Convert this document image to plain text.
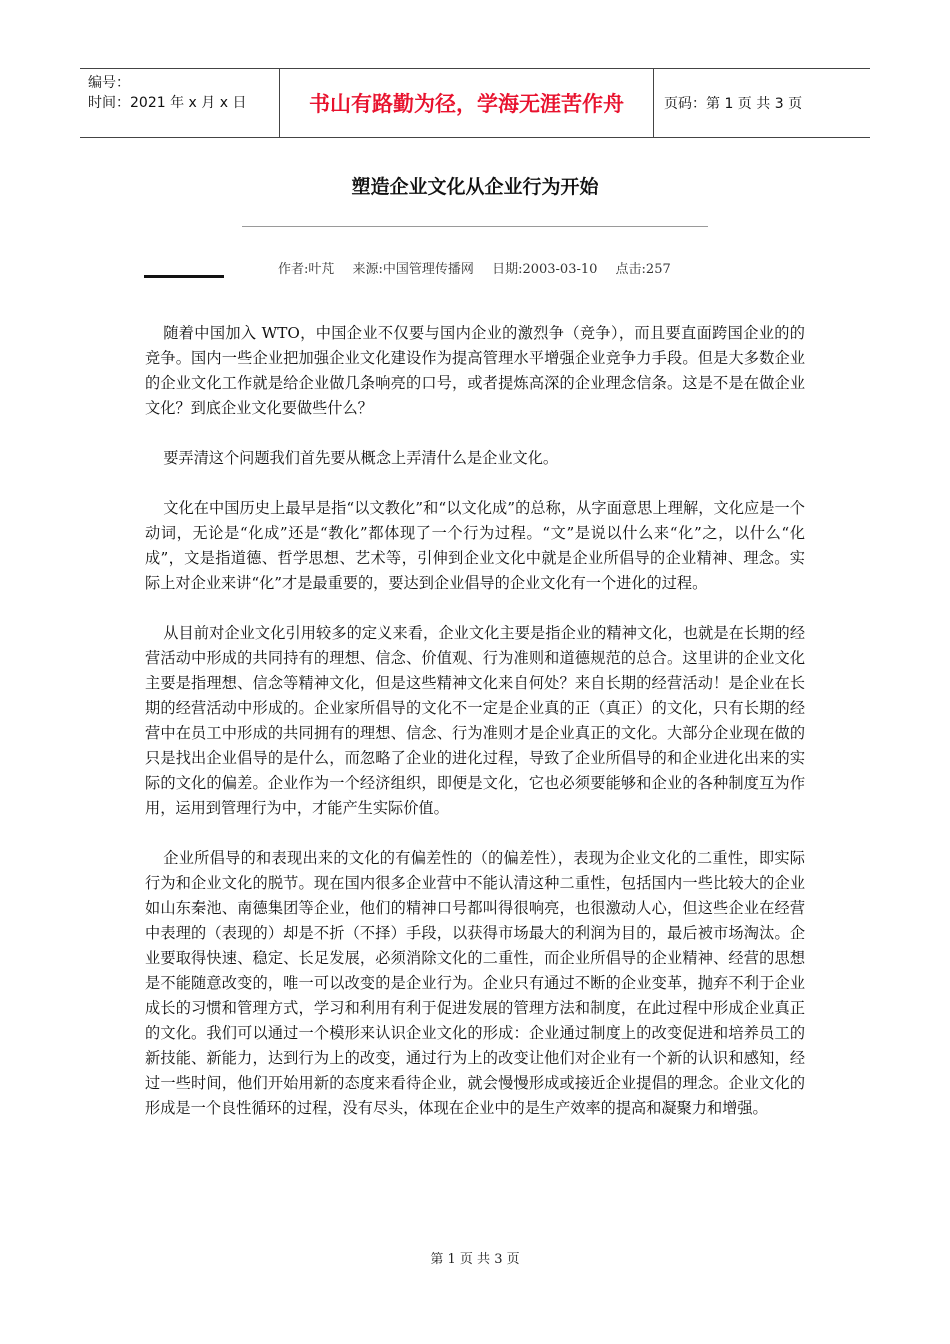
编号：
时间：2021 年 x 月 x 日	书山有路勤为径，学海无涯苦作舟	页码：第 1 页 共 3 页
塑造企业文化从企业行为开始
作者:叶芃 来源:中国管理传播网 日期:2003-03-10 点击:257

随着中国加入 WTO，中国企业不仅要与国内企业的激烈争（竞争），而且要直面跨国企业的的竞争。国内一些企业把加强企业文化建设作为提高管理水平增强企业竞争力手段。但是大多数企业的企业文化工作就是给企业做几条响亮的口号，或者提炼高深的企业理念信条。这是不是在做企业文化？到底企业文化要做些什么？

要弄清这个问题我们首先要从概念上弄清什么是企业文化。

文化在中国历史上最早是指“以文教化”和“以文化成”的总称，从字面意思上理解，文化应是一个动词，无论是“化成”还是“教化”都体现了一个行为过程。“文”是说以什么来“化”之，以什么“化成”，文是指道德、哲学思想、艺术等，引伸到企业文化中就是企业所倡导的企业精神、理念。实际上对企业来讲“化”才是最重要的，要达到企业倡导的企业文化有一个进化的过程。

从目前对企业文化引用较多的定义来看，企业文化主要是指企业的精神文化，也就是在长期的经营活动中形成的共同持有的理想、信念、价值观、行为准则和道德规范的总合。这里讲的企业文化主要是指理想、信念等精神文化，但是这些精神文化来自何处？来自长期的经营活动！是企业在长期的经营活动中形成的。企业家所倡导的文化不一定是企业真的正（真正）的文化，只有长期的经营中在员工中形成的共同拥有的理想、信念、行为准则才是企业真正的文化。大部分企业现在做的只是找出企业倡导的是什么，而忽略了企业的进化过程，导致了企业所倡导的和企业进化出来的实际的文化的偏差。企业作为一个经济组织，即便是文化，它也必须要能够和企业的各种制度互为作用，运用到管理行为中，才能产生实际价值。

企业所倡导的和表现出来的文化的有偏差性的（的偏差性），表现为企业文化的二重性，即实际行为和企业文化的脱节。现在国内很多企业营中不能认清这种二重性，包括国内一些比较大的企业如山东秦池、南德集团等企业，他们的精神口号都叫得很响亮，也很激动人心，但这些企业在经营中表理的（表现的）却是不折（不择）手段，以获得市场最大的利润为目的，最后被市场淘汰。企业要取得快速、稳定、长足发展，必须消除文化的二重性，而企业所倡导的企业精神、经营的思想是不能随意改变的，唯一可以改变的是企业行为。企业只有通过不断的企业变革，抛弃不利于企业成长的习惯和管理方式，学习和利用有利于促进发展的管理方法和制度，在此过程中形成企业真正的文化。我们可以通过一个模形来认识企业文化的形成：企业通过制度上的改变促进和培养员工的新技能、新能力，达到行为上的改变，通过行为上的改变让他们对企业有一个新的认识和感知，经过一些时间，他们开始用新的态度来看待企业，就会慢慢形成或接近企业提倡的理念。企业文化的形成是一个良性循环的过程，没有尽头，体现在企业中的是生产效率的提高和凝聚力和增强。

第 1 页 共 3 页
